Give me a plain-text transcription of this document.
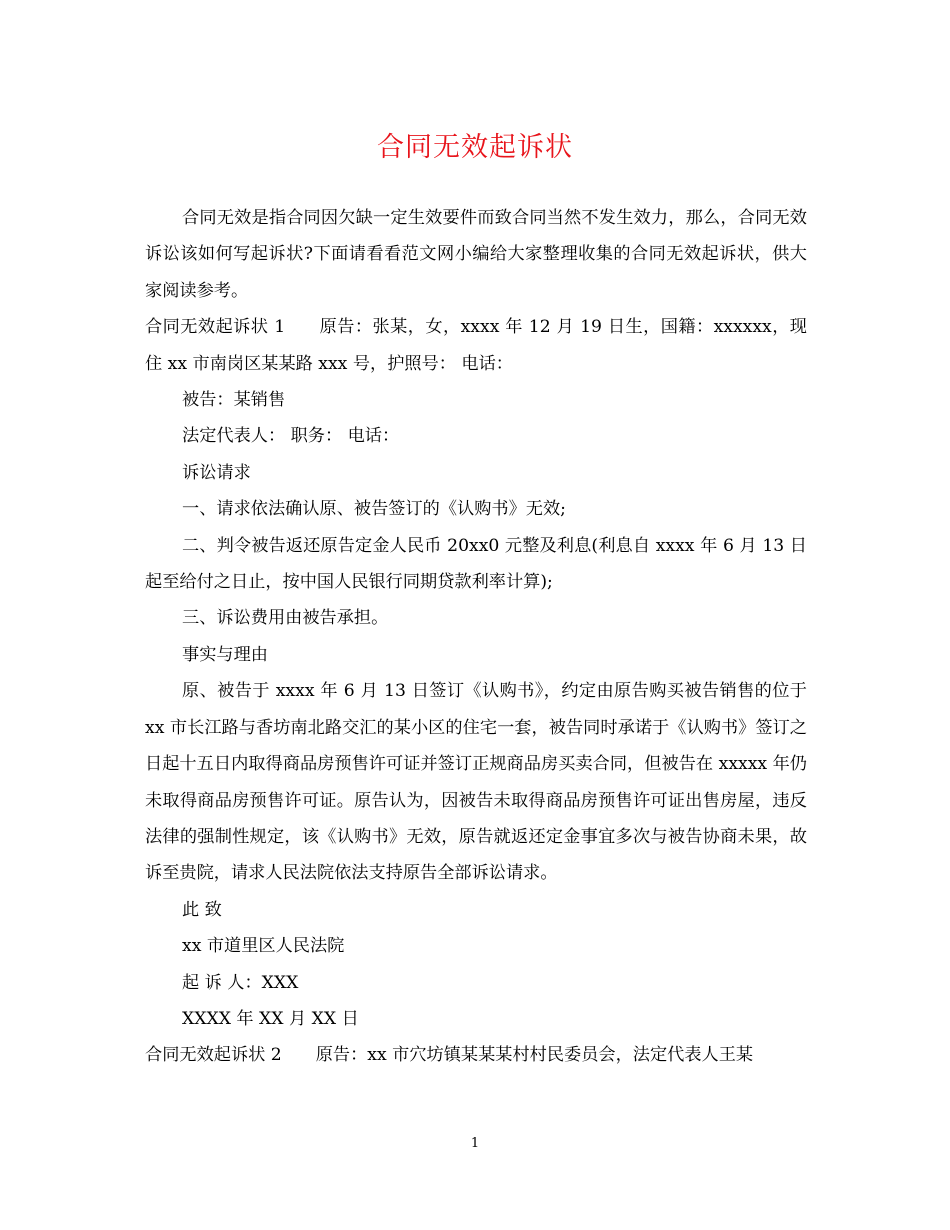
合同无效起诉状

合同无效是指合同因欠缺一定生效要件而致合同当然不发生效力，那么，合同无效诉讼该如何写起诉状?下面请看看范文网小编给大家整理收集的合同无效起诉状，供大家阅读参考。

合同无效起诉状 1 原告：张某，女，xxxx 年 12 月 19 日生，国籍：xxxxxx，现住 xx 市南岗区某某路 xxx 号，护照号： 电话：

被告：某销售

法定代表人： 职务： 电话：

诉讼请求

一、请求依法确认原、被告签订的《认购书》无效;

二、判令被告返还原告定金人民币 20xx0 元整及利息(利息自 xxxx 年 6 月 13 日起至给付之日止，按中国人民银行同期贷款利率计算);

三、诉讼费用由被告承担。

事实与理由

原、被告于 xxxx 年 6 月 13 日签订《认购书》，约定由原告购买被告销售的位于 xx 市长江路与香坊南北路交汇的某小区的住宅一套，被告同时承诺于《认购书》签订之日起十五日内取得商品房预售许可证并签订正规商品房买卖合同，但被告在 xxxxx 年仍未取得商品房预售许可证。原告认为，因被告未取得商品房预售许可证出售房屋，违反法律的强制性规定，该《认购书》无效，原告就返还定金事宜多次与被告协商未果，故诉至贵院，请求人民法院依法支持原告全部诉讼请求。

此 致

xx 市道里区人民法院

起 诉 人：XXX

XXXX 年 XX 月 XX 日

合同无效起诉状 2 原告：xx 市穴坊镇某某某村村民委员会，法定代表人王某

1
